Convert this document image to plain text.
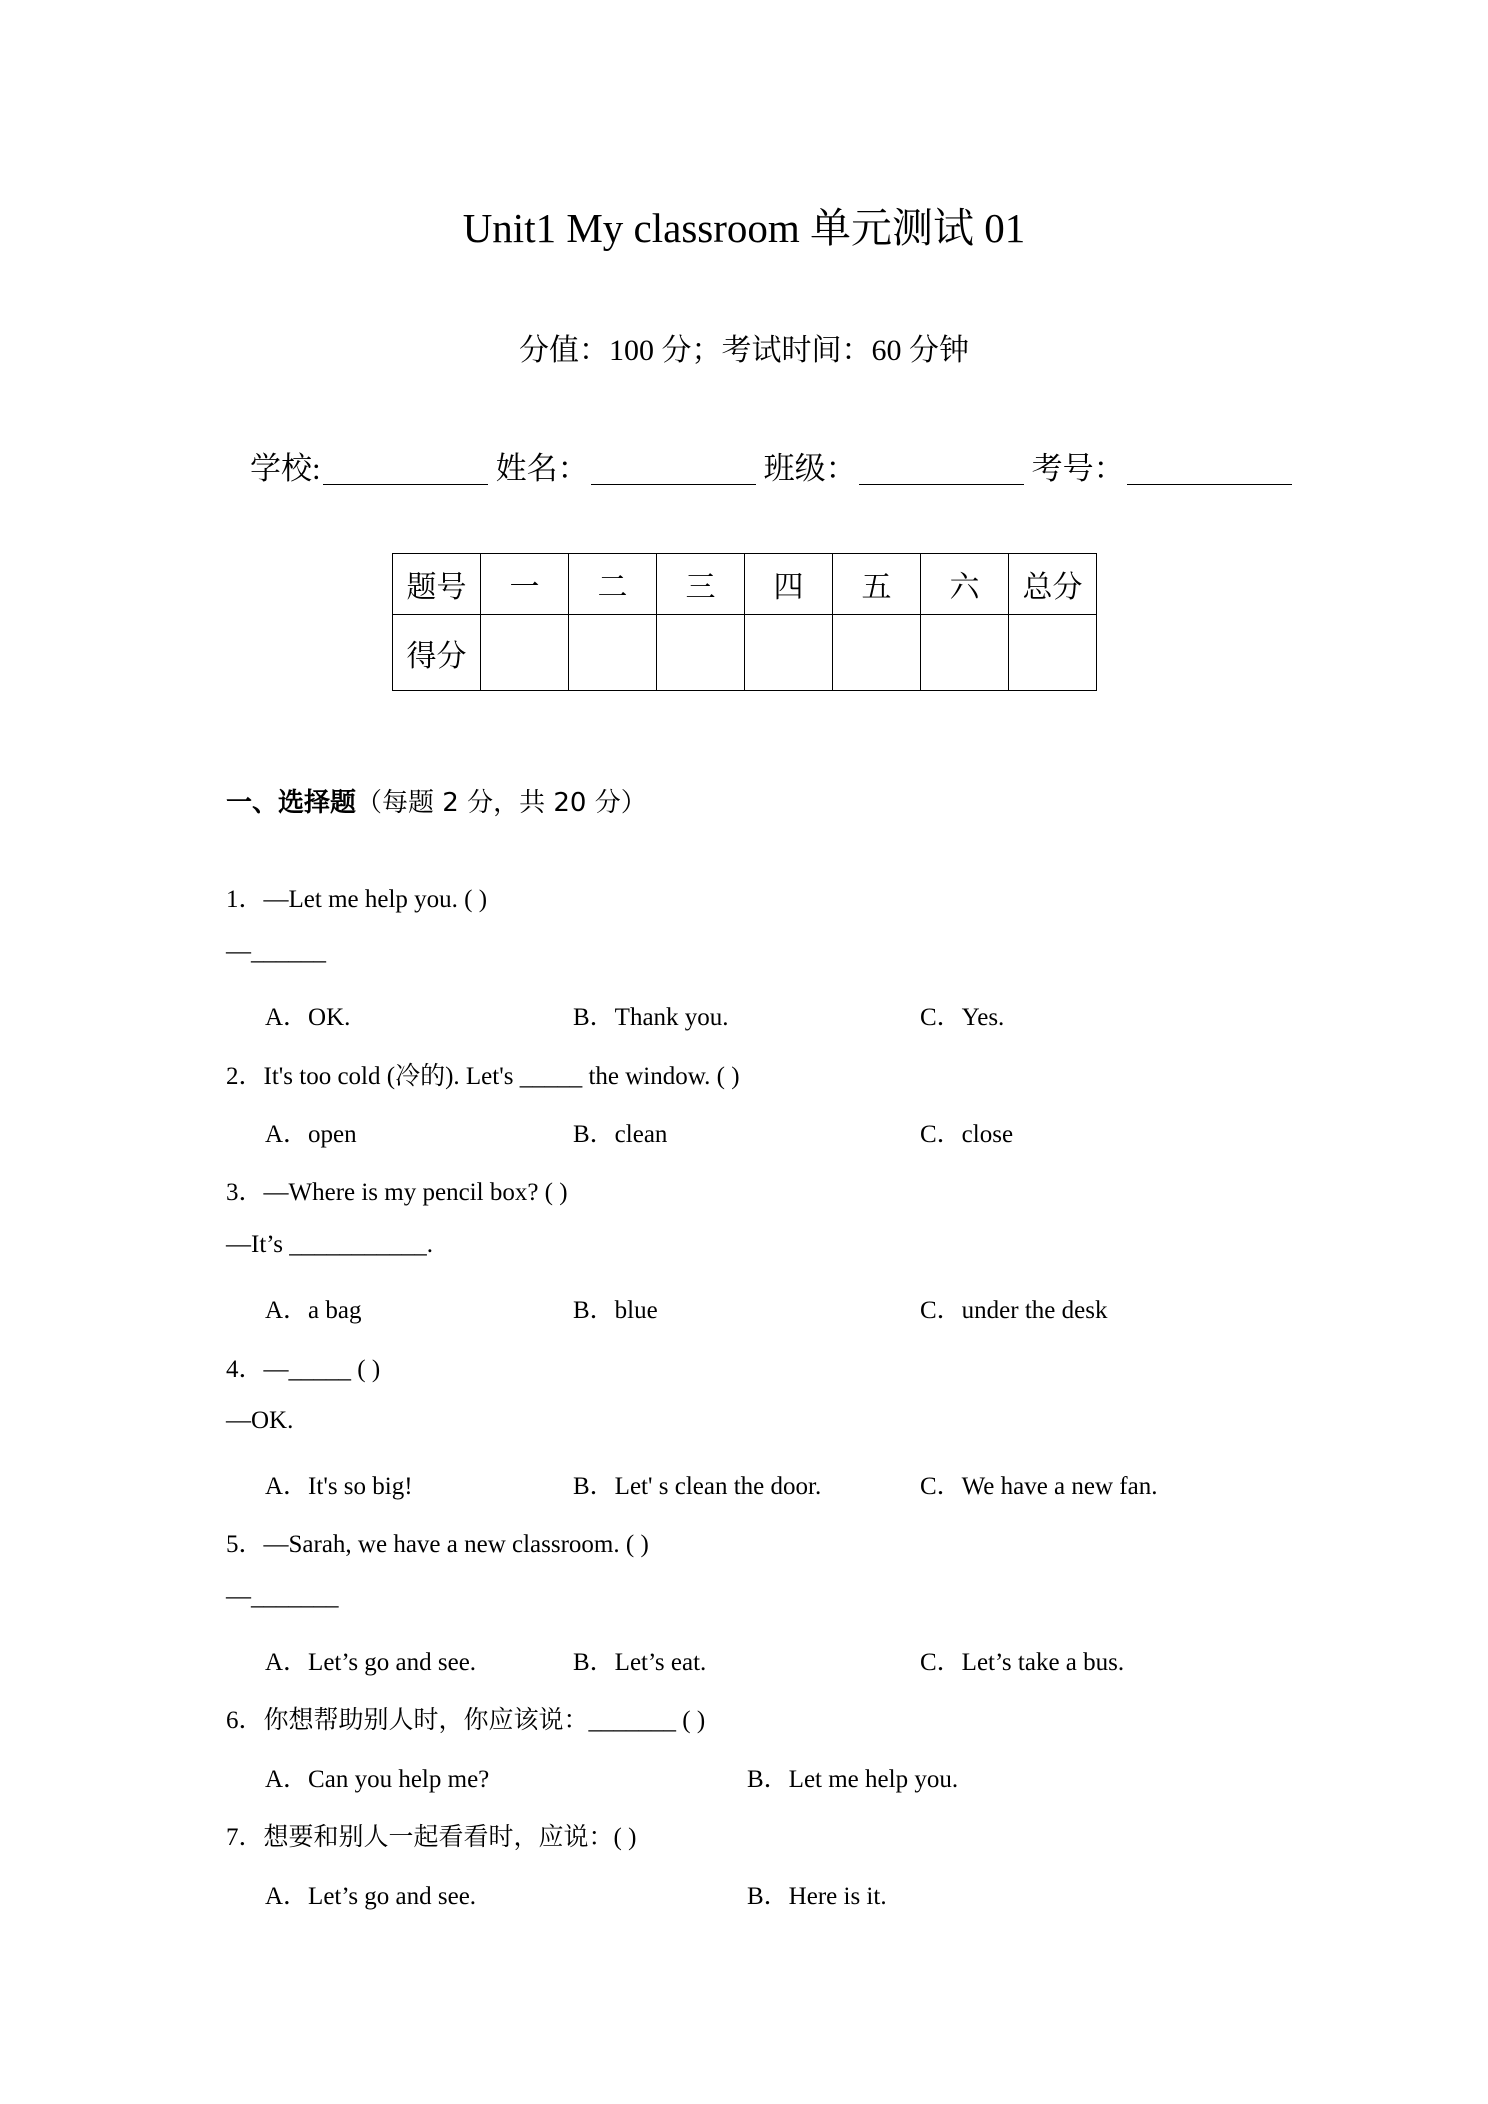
Unit1 My classroom 单元测试 01
分值：100 分；考试时间：60 分钟
学校:	姓名：	班级：	考号：
题号	一	二	三	四	五	六	总分
得分							
一、选择题（每题 2 分，共 20 分）
1．—Let me help you. ( )
—______
A．OK.	B．Thank you.	C．Yes.
2．It's too cold (冷的). Let's _____ the window. ( )
A．open	B．clean	C．close
3．—Where is my pencil box? ( )
—It’s ___________.
A．a bag	B．blue	C．under the desk
4．—_____ ( )
—OK.
A．It's so big!	B．Let' s clean the door.	C．We have a new fan.
5．—Sarah, we have a new classroom. ( )
—_______
A．Let’s go and see.	B．Let’s eat.	C．Let’s take a bus.
6．你想帮助别人时，你应该说：_______ ( )
A．Can you help me?	B．Let me help you.
7．想要和别人一起看看时，应说：( )
A．Let’s go and see.	B．Here is it.
